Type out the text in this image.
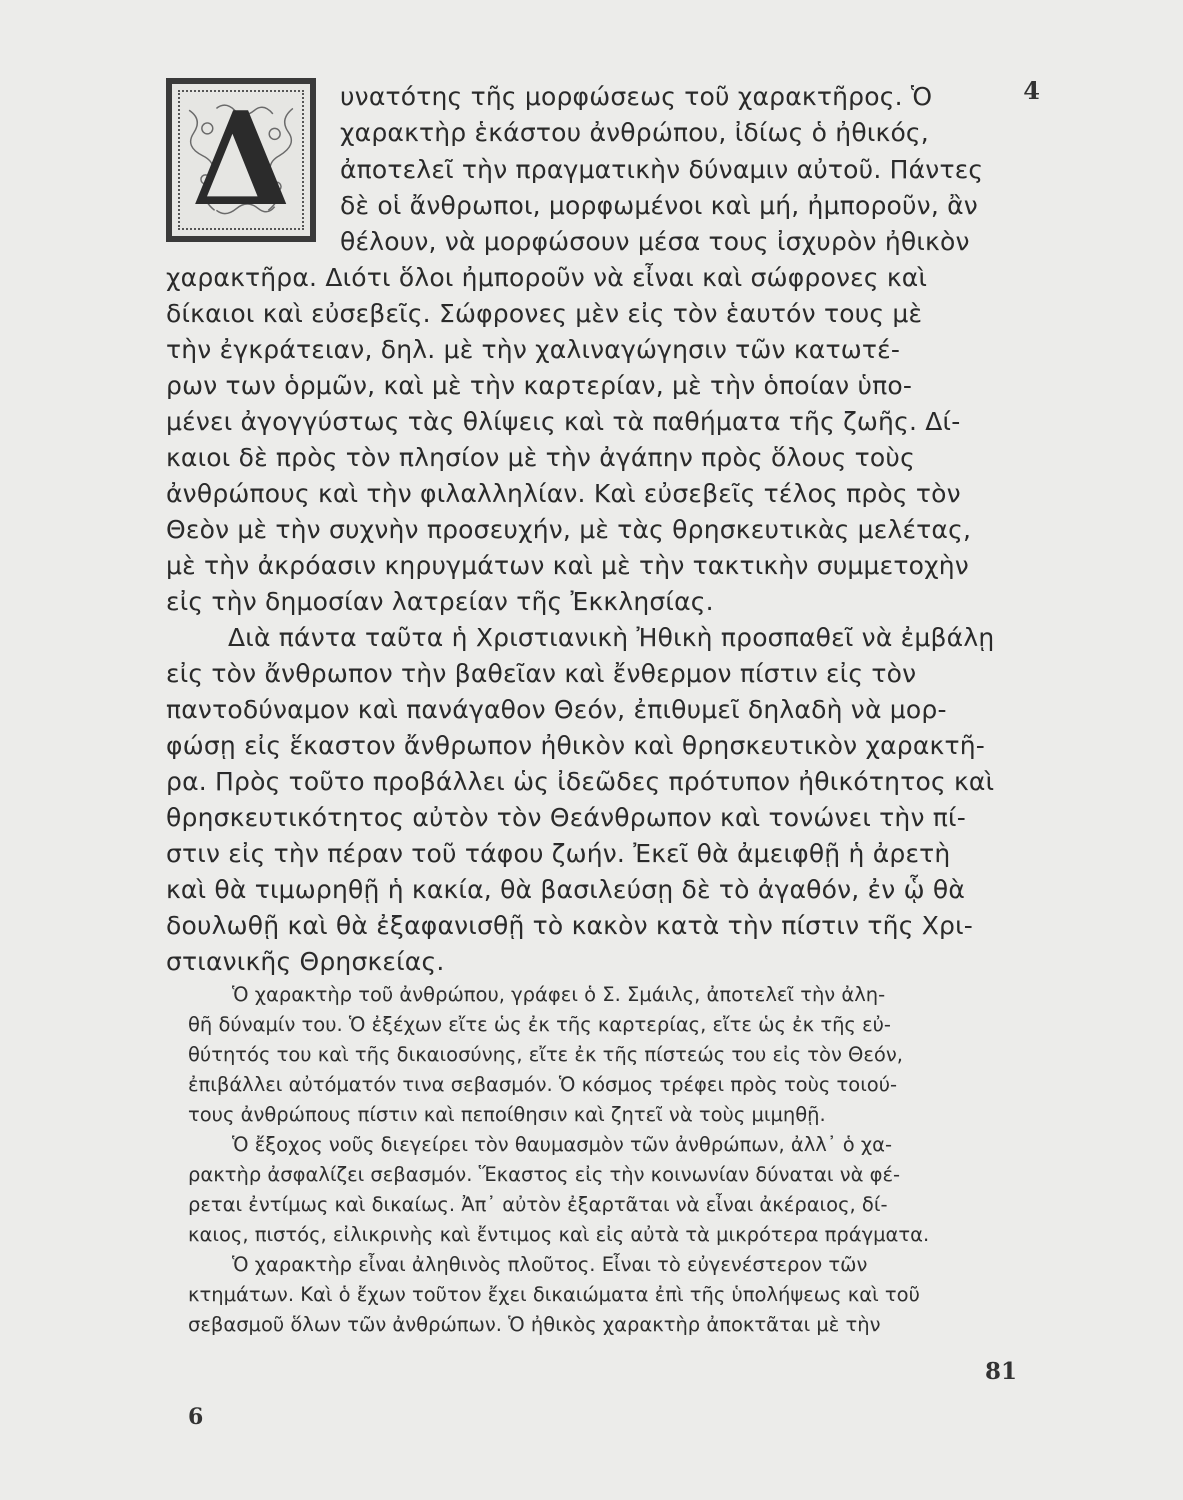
4
Δ υνατότης τῆς μορφώσεως τοῦ χαρακτῆρος. Ὁ
χαρακτὴρ ἑκάστου ἀνθρώπου, ἰδίως ὁ ἠθικός,
ἀποτελεῖ τὴν πραγματικὴν δύναμιν αὐτοῦ. Πάντες
δὲ οἱ ἄνθρωποι, μορφωμένοι καὶ μή, ἠμποροῦν, ἂν
θέλουν, νὰ μορφώσουν μέσα τους ἰσχυρὸν ἠθικὸν
χαρακτῆρα. Διότι ὅλοι ἠμποροῦν νὰ εἶναι καὶ σώφρονες καὶ
δίκαιοι καὶ εὐσεβεῖς. Σώφρονες μὲν εἰς τὸν ἑαυτόν τους μὲ
τὴν ἐγκράτειαν, δηλ. μὲ τὴν χαλιναγώγησιν τῶν κατωτέ-
ρων των ὁρμῶν, καὶ μὲ τὴν καρτερίαν, μὲ τὴν ὁποίαν ὑπο-
μένει ἀγογγύστως τὰς θλίψεις καὶ τὰ παθήματα τῆς ζωῆς. Δί-
καιοι δὲ πρὸς τὸν πλησίον μὲ τὴν ἀγάπην πρὸς ὅλους τοὺς
ἀνθρώπους καὶ τὴν φιλαλληλίαν. Καὶ εὐσεβεῖς τέλος πρὸς τὸν
Θεὸν μὲ τὴν συχνὴν προσευχήν, μὲ τὰς θρησκευτικὰς μελέτας,
μὲ τὴν ἀκρόασιν κηρυγμάτων καὶ μὲ τὴν τακτικὴν συμμετοχὴν
εἰς τὴν δημοσίαν λατρείαν τῆς Ἐκκλησίας.
Διὰ πάντα ταῦτα ἡ Χριστιανικὴ Ἠθικὴ προσπαθεῖ νὰ ἐμβάλῃ
εἰς τὸν ἄνθρωπον τὴν βαθεῖαν καὶ ἔνθερμον πίστιν εἰς τὸν
παντοδύναμον καὶ πανάγαθον Θεόν, ἐπιθυμεῖ δηλαδὴ νὰ μορ-
φώσῃ εἰς ἕκαστον ἄνθρωπον ἠθικὸν καὶ θρησκευτικὸν χαρακτῆ-
ρα. Πρὸς τοῦτο προβάλλει ὡς ἰδεῶδες πρότυπον ἠθικότητος καὶ
θρησκευτικότητος αὐτὸν τὸν Θεάνθρωπον καὶ τονώνει τὴν πί-
στιν εἰς τὴν πέραν τοῦ τάφου ζωήν. Ἐκεῖ θὰ ἀμειφθῇ ἡ ἀρετὴ
καὶ θὰ τιμωρηθῇ ἡ κακία, θὰ βασιλεύσῃ δὲ τὸ ἀγαθόν, ἐν ᾧ θὰ
δουλωθῇ καὶ θὰ ἐξαφανισθῇ τὸ κακὸν κατὰ τὴν πίστιν τῆς Χρι-
στιανικῆς Θρησκείας.
Ὁ χαρακτὴρ τοῦ ἀνθρώπου, γράφει ὁ Σ. Σμάιλς, ἀποτελεῖ τὴν ἀλη-
θῆ δύναμίν του. Ὁ ἐξέχων εἴτε ὡς ἐκ τῆς καρτερίας, εἴτε ὡς ἐκ τῆς εὐ-
θύτητός του καὶ τῆς δικαιοσύνης, εἴτε ἐκ τῆς πίστεώς του εἰς τὸν Θεόν,
ἐπιβάλλει αὐτόματόν τινα σεβασμόν. Ὁ κόσμος τρέφει πρὸς τοὺς τοιού-
τους ἀνθρώπους πίστιν καὶ πεποίθησιν καὶ ζητεῖ νὰ τοὺς μιμηθῇ.
Ὁ ἔξοχος νοῦς διεγείρει τὸν θαυμασμὸν τῶν ἀνθρώπων, ἀλλ᾽ ὁ χα-
ρακτὴρ ἀσφαλίζει σεβασμόν. Ἕκαστος εἰς τὴν κοινωνίαν δύναται νὰ φέ-
ρεται ἐντίμως καὶ δικαίως. Ἀπ᾽ αὐτὸν ἐξαρτᾶται νὰ εἶναι ἀκέραιος, δί-
καιος, πιστός, εἰλικρινὴς καὶ ἔντιμος καὶ εἰς αὐτὰ τὰ μικρότερα πράγματα.
Ὁ χαρακτὴρ εἶναι ἀληθινὸς πλοῦτος. Εἶναι τὸ εὐγενέστερον τῶν
κτημάτων. Καὶ ὁ ἔχων τοῦτον ἔχει δικαιώματα ἐπὶ τῆς ὑπολήψεως καὶ τοῦ
σεβασμοῦ ὅλων τῶν ἀνθρώπων. Ὁ ἠθικὸς χαρακτὴρ ἀποκτᾶται μὲ τὴν
81
6
